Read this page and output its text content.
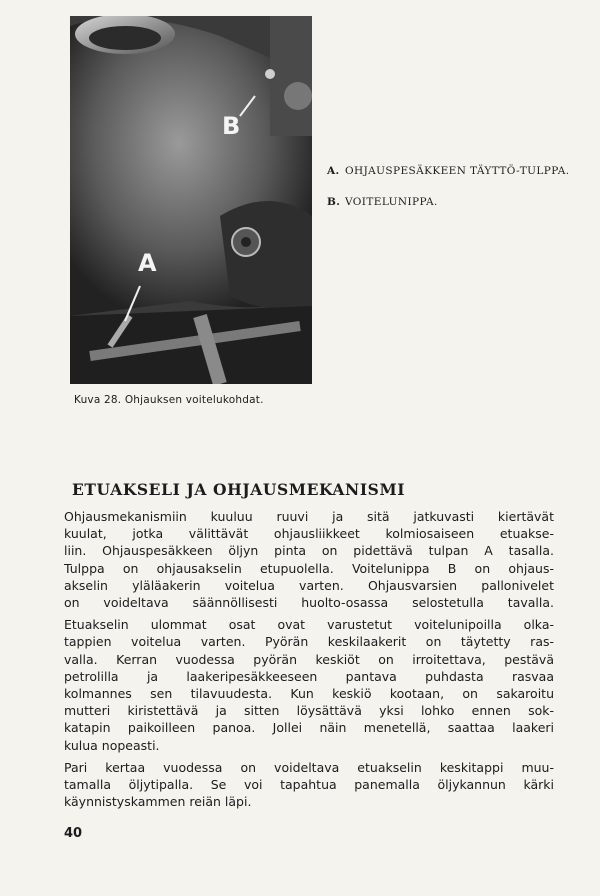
B
A
A. OHJAUSPESÄKKEEN TÄYTTÖ-TULPPA.
B. VOITELUNIPPA.
Kuva 28. Ohjauksen voitelukohdat.
ETUAKSELI JA OHJAUSMEKANISMI

Ohjausmekanismiin kuuluu ruuvi ja sitä jatkuvasti kiertävät
kuulat, jotka välittävät ohjausliikkeet kolmiosaiseen etuakse-
liin. Ohjauspesäkkeen öljyn pinta on pidettävä tulpan A tasalla.
Tulppa on ohjausakselin etupuolella. Voitelunippa B on ohjaus-
akselin yläläakerin voitelua varten. Ohjausvarsien pallonivelet
on voideltava säännöllisesti huolto-osassa selostetulla tavalla.

Etuakselin ulommat osat ovat varustetut voitelunipoilla olka-
tappien voitelua varten. Pyörän keskilaakerit on täytetty ras-
valla. Kerran vuodessa pyörän keskiöt on irroitettava, pestävä
petrolilla ja laakeripesäkkeeseen pantava puhdasta rasvaa
kolmannes sen tilavuudesta. Kun keskiö kootaan, on sakaroitu
mutteri kiristettävä ja sitten löysättävä yksi lohko ennen sok-
katapin paikoilleen panoa. Jollei näin menetellä, saattaa laakeri
kulua nopeasti.

Pari kertaa vuodessa on voideltava etuakselin keskitappi muu-
tamalla öljytipalla. Se voi tapahtua panemalla öljykannun kärki
käynnistyskammen reiän läpi.

40
